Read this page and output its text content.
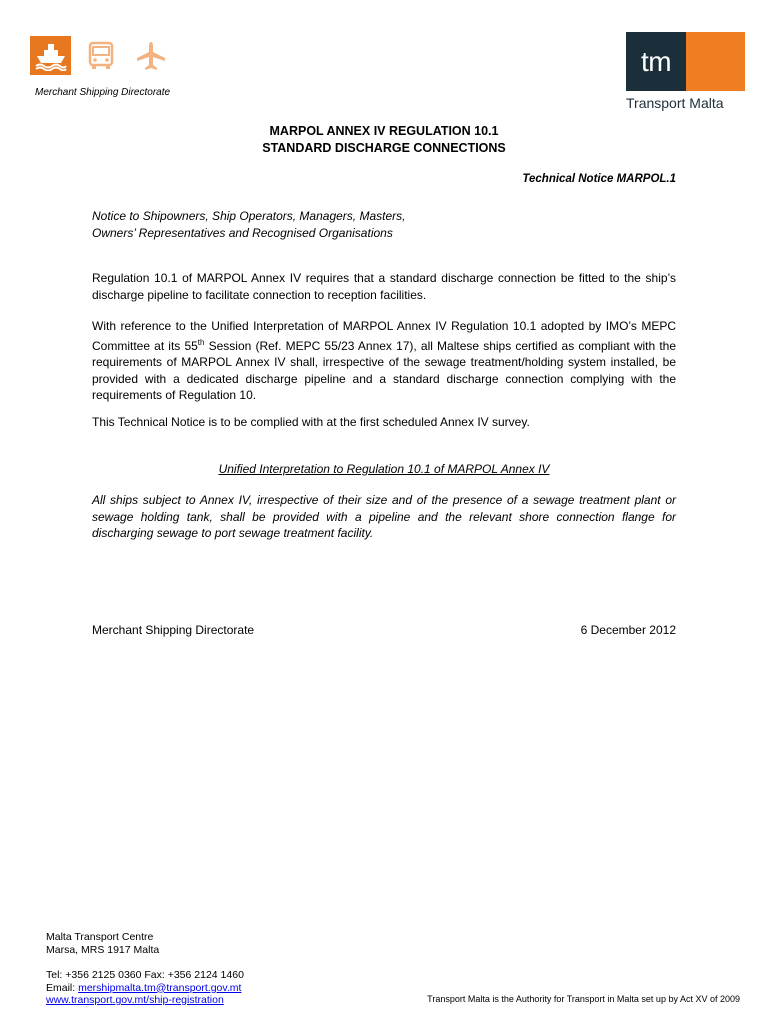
Merchant Shipping Directorate
tm
Transport Malta
MARPOL ANNEX IV REGULATION 10.1
STANDARD DISCHARGE CONNECTIONS
Technical Notice MARPOL.1
Notice to Shipowners, Ship Operators, Managers, Masters,
Owners’ Representatives and Recognised Organisations
Regulation 10.1 of MARPOL Annex IV requires that a standard discharge connection be fitted to the ship’s discharge pipeline to facilitate connection to reception facilities.
With reference to the Unified Interpretation of MARPOL Annex IV Regulation 10.1 adopted by IMO’s MEPC Committee at its 55th Session (Ref. MEPC 55/23 Annex 17), all Maltese ships certified as compliant with the requirements of MARPOL Annex IV shall, irrespective of the sewage treatment/holding system installed, be provided with a dedicated discharge pipeline and a standard discharge connection complying with the requirements of Regulation 10.
This Technical Notice is to be complied with at the first scheduled Annex IV survey.
Unified Interpretation to Regulation 10.1 of MARPOL Annex IV
All ships subject to Annex IV, irrespective of their size and of the presence of a sewage treatment plant or sewage holding tank, shall be provided with a pipeline and the relevant shore connection flange for discharging sewage to port sewage treatment facility.
Merchant Shipping Directorate	6 December 2012
Malta Transport Centre
Marsa, MRS 1917 Malta
Tel: +356 2125 0360 Fax: +356 2124 1460
Email: mershipmalta.tm@transport.gov.mt
www.transport.gov.mt/ship-registration	Transport Malta is the Authority for Transport in Malta set up by Act XV of 2009
